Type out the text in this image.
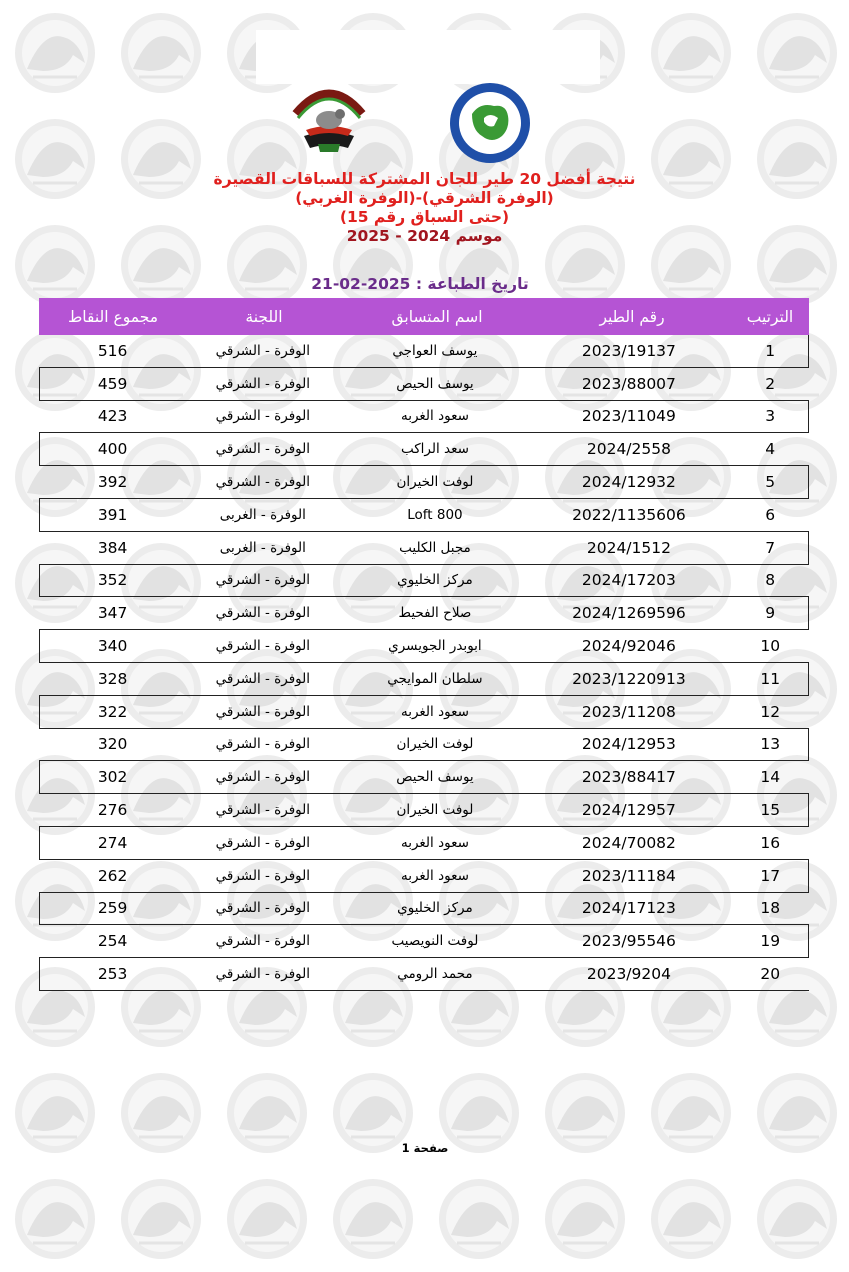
نتيجة أفضل 20 طير للجان المشتركة للسباقات القصيرة
(الوفرة الشرقي)-(الوفرة الغربي)
(حتى السباق رقم 15)
موسم 2024 - 2025
تاريخ الطباعة : 2025-02-21
الترتيب
رقم الطير
اسم المتسابق
اللجنة
مجموع النقاط
1
2023/19137
يوسف العواجي
الوفرة - الشرقي
516
2
2023/88007
يوسف الحيص
الوفرة - الشرقي
459
3
2023/11049
سعود الغربه
الوفرة - الشرقي
423
4
2024/2558
سعد الراكب
الوفرة - الشرقي
400
5
2024/12932
لوفت الخيران
الوفرة - الشرقي
392
6
2022/1135606
Loft 800
الوفرة - الغربى
391
7
2024/1512
مجبل الكليب
الوفرة - الغربى
384
8
2024/17203
مركز الخليوي
الوفرة - الشرقي
352
9
2024/1269596
صلاح الفحيط
الوفرة - الشرقي
347
10
2024/92046
ابوبدر الجويسري
الوفرة - الشرقي
340
11
2023/1220913
سلطان الموايجي
الوفرة - الشرقي
328
12
2023/11208
سعود الغربه
الوفرة - الشرقي
322
13
2024/12953
لوفت الخيران
الوفرة - الشرقي
320
14
2023/88417
يوسف الحيص
الوفرة - الشرقي
302
15
2024/12957
لوفت الخيران
الوفرة - الشرقي
276
16
2024/70082
سعود الغربه
الوفرة - الشرقي
274
17
2023/11184
سعود الغربه
الوفرة - الشرقي
262
18
2024/17123
مركز الخليوي
الوفرة - الشرقي
259
19
2023/95546
لوفت النويصيب
الوفرة - الشرقي
254
20
2023/9204
محمد الرومي
الوفرة - الشرقي
253
صفحة 1
